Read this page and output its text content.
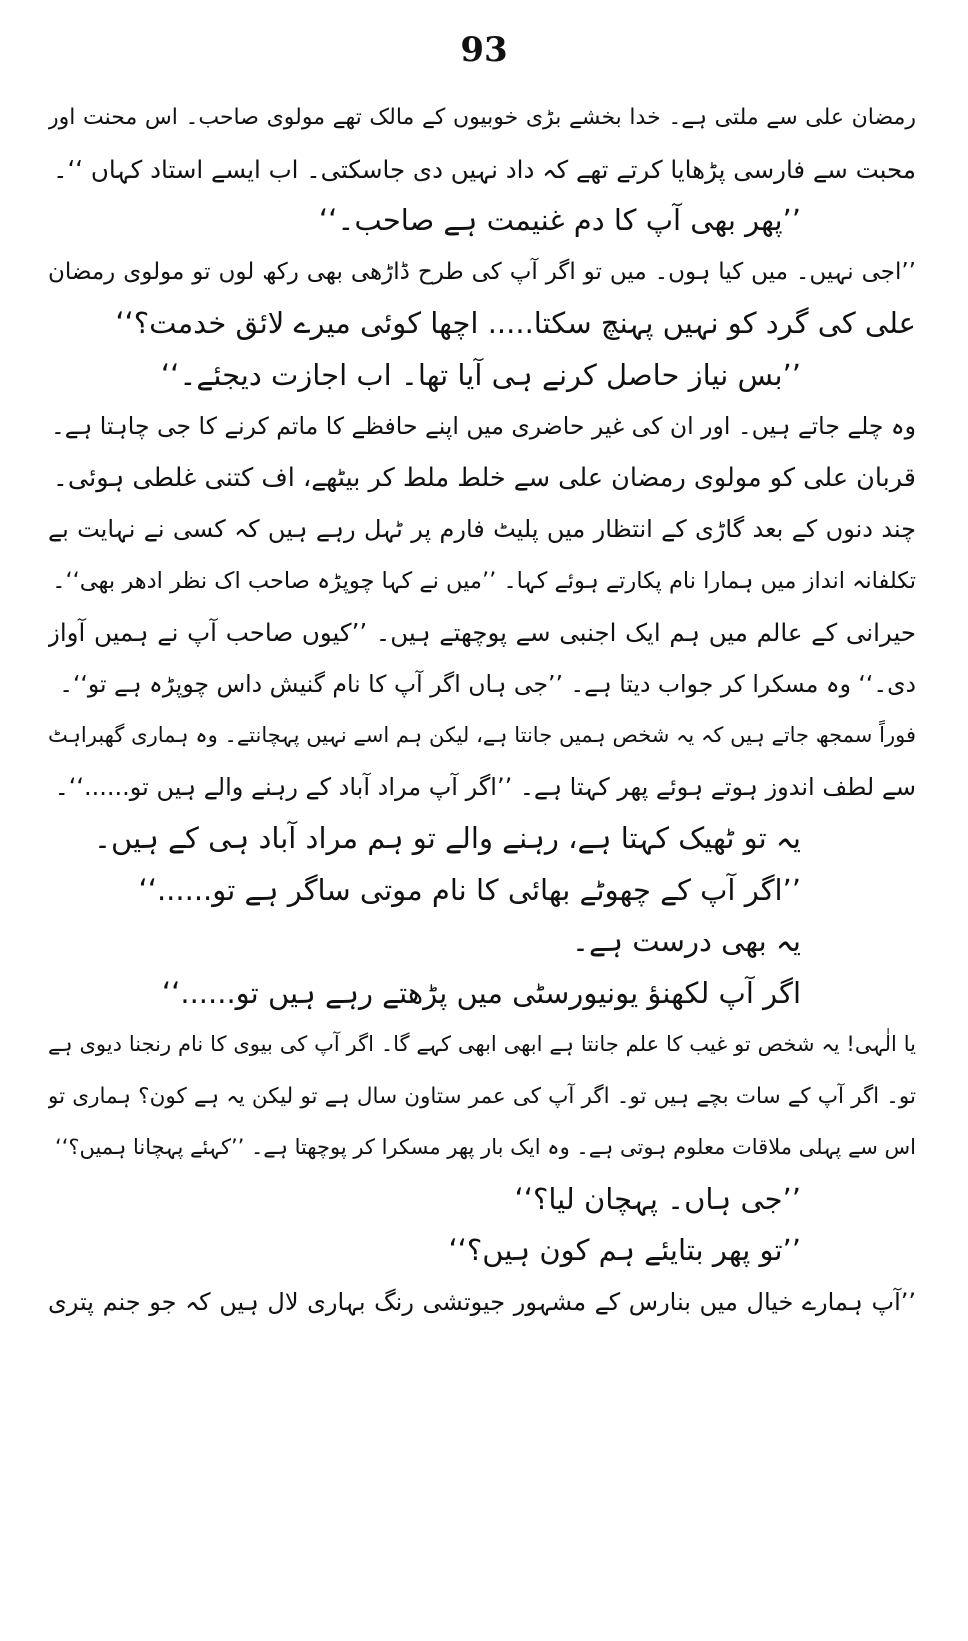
93
رمضان علی سے ملتی ہے۔ خدا بخشے بڑی خوبیوں کے مالک تھے مولوی صاحب۔ اس محنت اور
محبت سے فارسی پڑھایا کرتے تھے کہ داد نہیں دی جاسکتی۔ اب ایسے استاد کہاں ‘‘۔
’’پھر بھی آپ کا دم غنیمت ہے صاحب۔‘‘
’’اجی نہیں۔ میں کیا ہوں۔ میں تو اگر آپ کی طرح ڈاڑھی بھی رکھ لوں تو مولوی رمضان
علی کی گرد کو نہیں پہنچ سکتا..... اچھا کوئی میرے لائق خدمت؟‘‘
’’بس نیاز حاصل کرنے ہی آیا تھا۔ اب اجازت دیجئے۔‘‘
وہ چلے جاتے ہیں۔ اور ان کی غیر حاضری میں اپنے حافظے کا ماتم کرنے کا جی چاہتا ہے۔
قربان علی کو مولوی رمضان علی سے خلط ملط کر بیٹھے، اف کتنی غلطی ہوئی۔
چند دنوں کے بعد گاڑی کے انتظار میں پلیٹ فارم پر ٹہل رہے ہیں کہ کسی نے نہایت بے
تکلفانہ انداز میں ہمارا نام پکارتے ہوئے کہا۔ ’’میں نے کہا چوپڑہ صاحب اک نظر ادھر بھی‘‘۔
حیرانی کے عالم میں ہم ایک اجنبی سے پوچھتے ہیں۔ ’’کیوں صاحب آپ نے ہمیں آواز
دی۔‘‘ وہ مسکرا کر جواب دیتا ہے۔ ’’جی ہاں اگر آپ کا نام گنیش داس چوپڑہ ہے تو‘‘۔
فوراً سمجھ جاتے ہیں کہ یہ شخص ہمیں جانتا ہے، لیکن ہم اسے نہیں پہچانتے۔ وہ ہماری گھبراہٹ
سے لطف اندوز ہوتے ہوئے پھر کہتا ہے۔ ’’اگر آپ مراد آباد کے رہنے والے ہیں تو......‘‘۔
یہ تو ٹھیک کہتا ہے، رہنے والے تو ہم مراد آباد ہی کے ہیں۔
’’اگر آپ کے چھوٹے بھائی کا نام موتی ساگر ہے تو......‘‘
یہ بھی درست ہے۔
اگر آپ لکھنؤ یونیورسٹی میں پڑھتے رہے ہیں تو......‘‘
یا الٰہی! یہ شخص تو غیب کا علم جانتا ہے ابھی ابھی کہے گا۔ اگر آپ کی بیوی کا نام رنجنا دیوی ہے
تو۔ اگر آپ کے سات بچے ہیں تو۔ اگر آپ کی عمر ستاون سال ہے تو لیکن یہ ہے کون؟ ہماری تو
اس سے پہلی ملاقات معلوم ہوتی ہے۔ وہ ایک بار پھر مسکرا کر پوچھتا ہے۔ ’’کہئے پہچانا ہمیں؟‘‘
’’جی ہاں۔ پہچان لیا؟‘‘
’’تو پھر بتایئے ہم کون ہیں؟‘‘
’’آپ ہمارے خیال میں بنارس کے مشہور جیوتشی رنگ بہاری لال ہیں کہ جو جنم پتری
